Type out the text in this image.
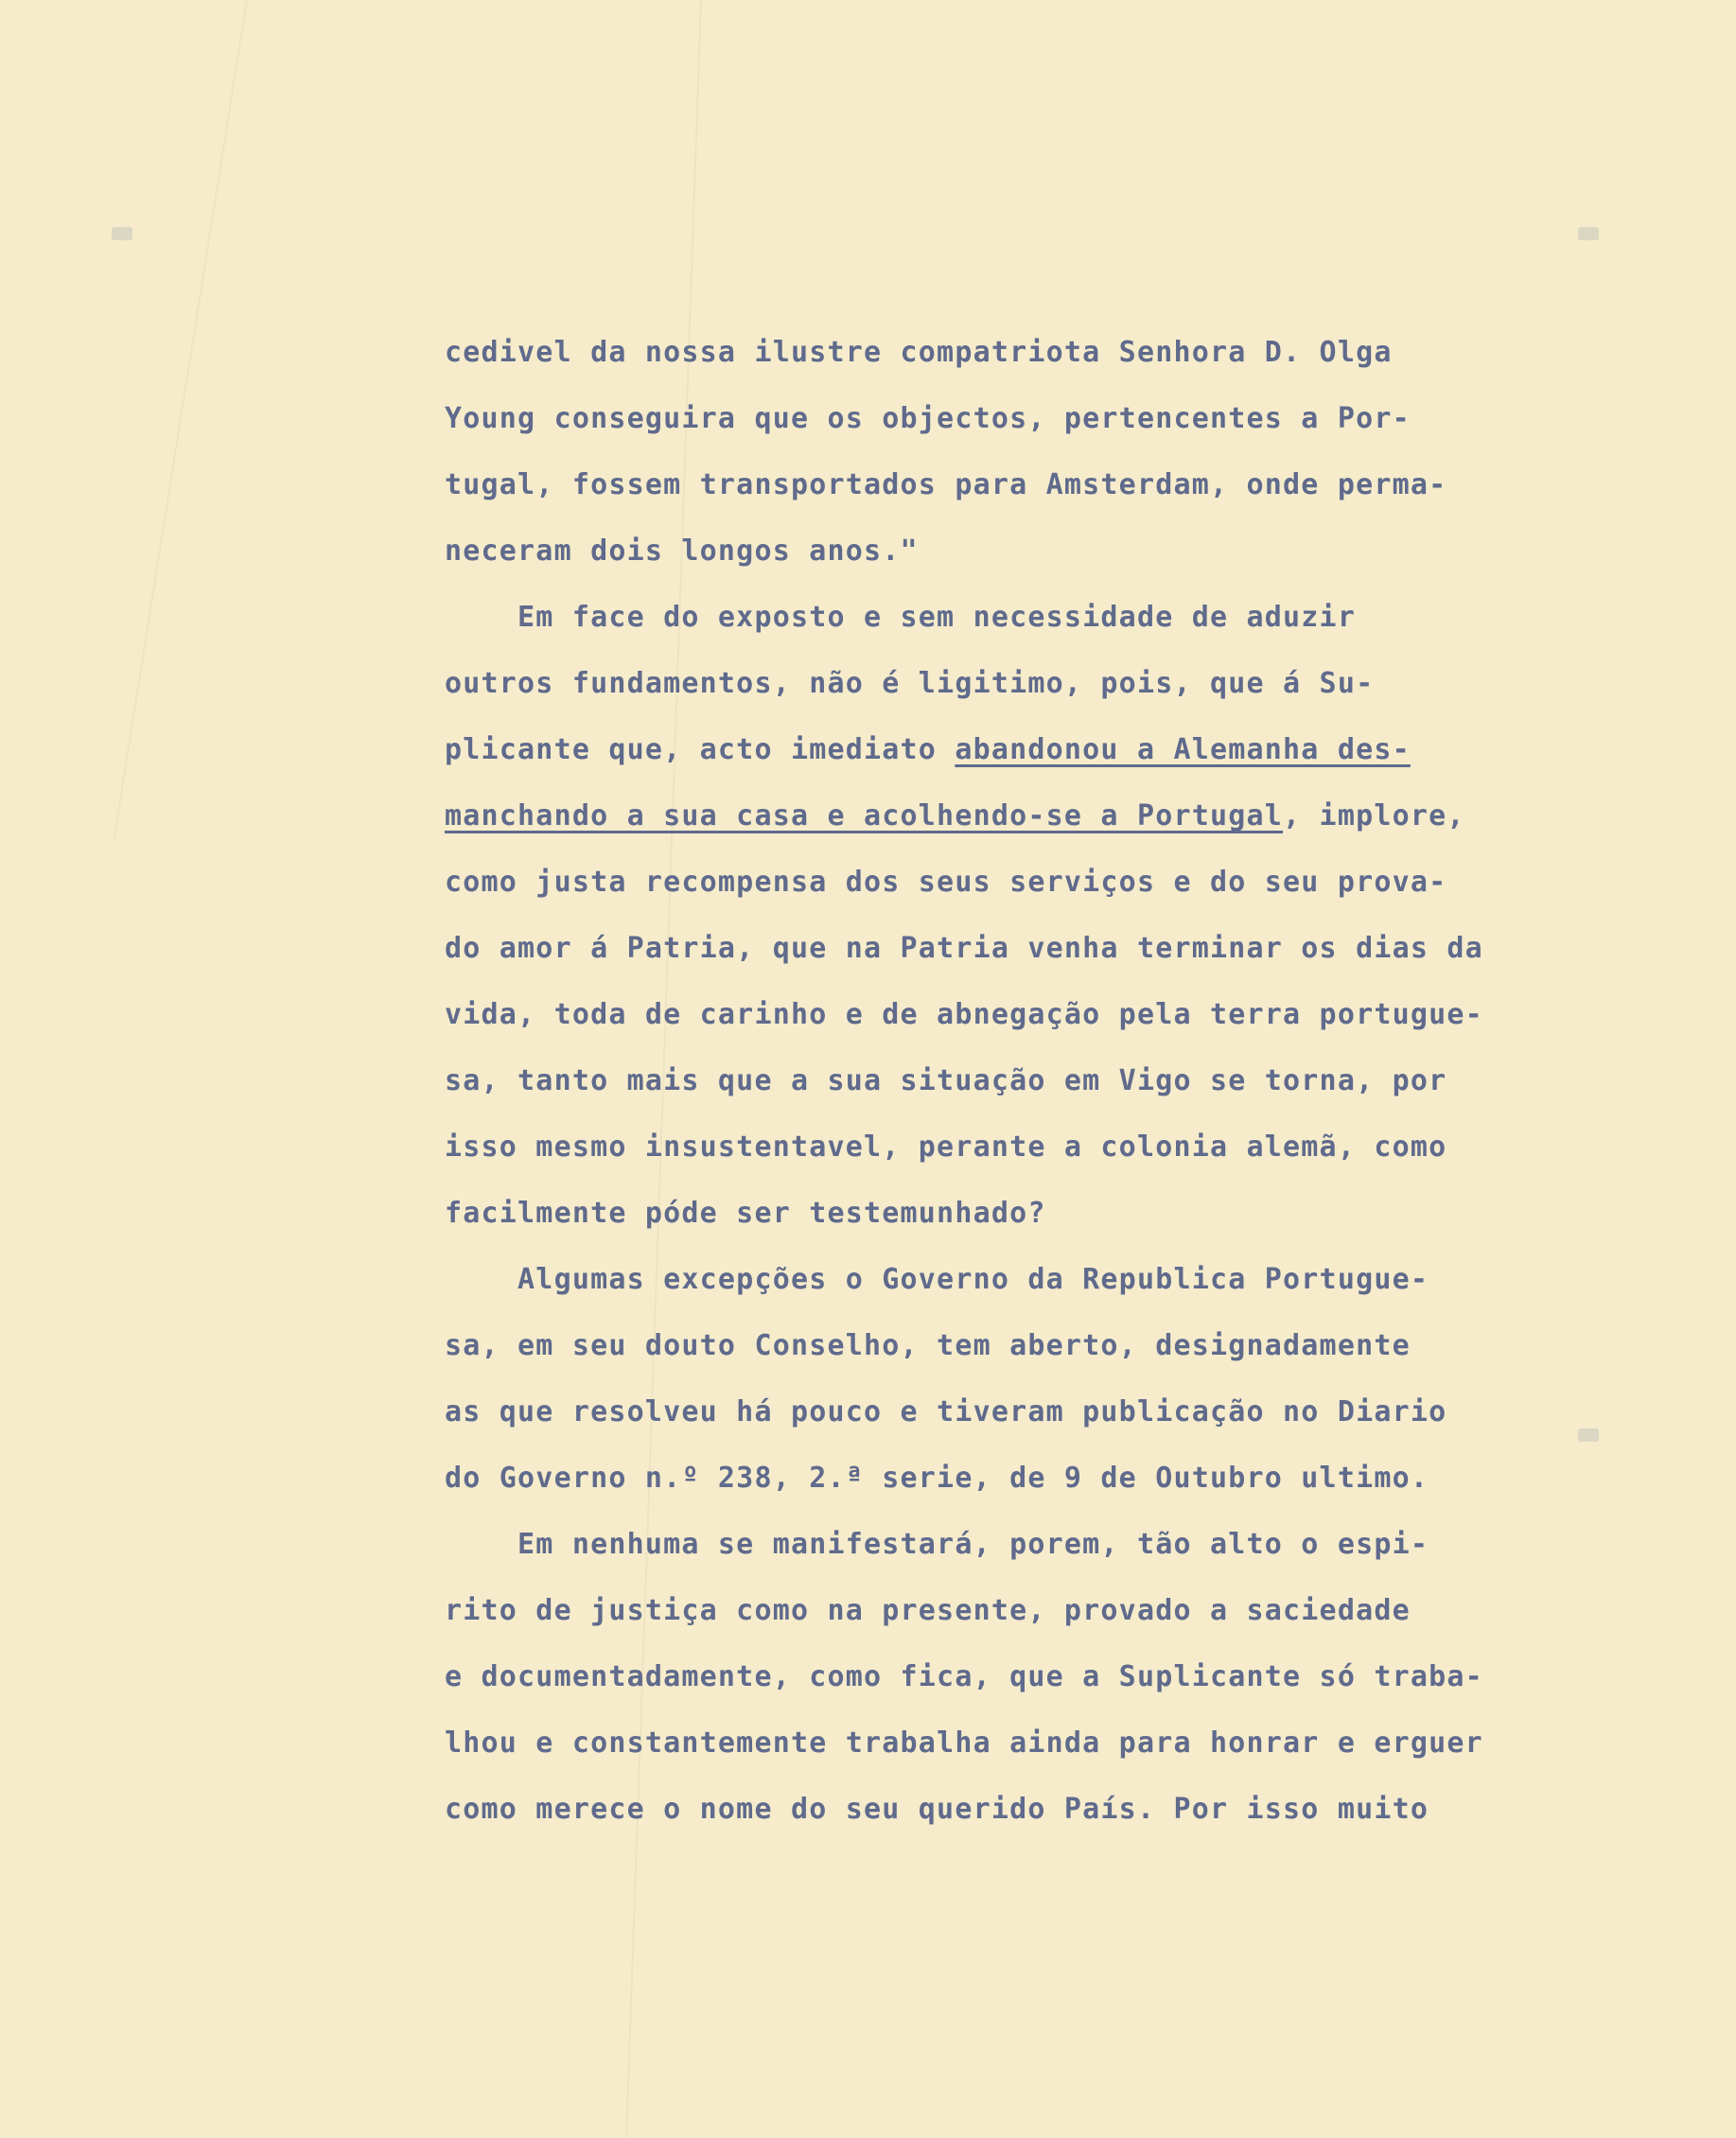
cedivel da nossa ilustre compatriota Senhora D. Olga
Young conseguira que os objectos, pertencentes a Por-
tugal, fossem transportados para Amsterdam, onde perma-
neceram dois longos anos."
Em face do exposto e sem necessidade de aduzir
outros fundamentos, não é ligitimo, pois, que á Su-
plicante que, acto imediato abandonou a Alemanha des-
manchando a sua casa e acolhendo-se a Portugal, implore,
como justa recompensa dos seus serviços e do seu prova-
do amor á Patria, que na Patria venha terminar os dias da
vida, toda de carinho e de abnegação pela terra portugue-
sa, tanto mais que a sua situação em Vigo se torna, por
isso mesmo insustentavel, perante a colonia alemã, como
facilmente póde ser testemunhado?
Algumas excepções o Governo da Republica Portugue-
sa, em seu douto Conselho, tem aberto, designadamente
as que resolveu há pouco e tiveram publicação no Diario
do Governo n.º 238, 2.ª serie, de 9 de Outubro ultimo.
Em nenhuma se manifestará, porem, tão alto o espi-
rito de justiça como na presente, provado a saciedade
e documentadamente, como fica, que a Suplicante só traba-
lhou e constantemente trabalha ainda para honrar e erguer
como merece o nome do seu querido País. Por isso muito
